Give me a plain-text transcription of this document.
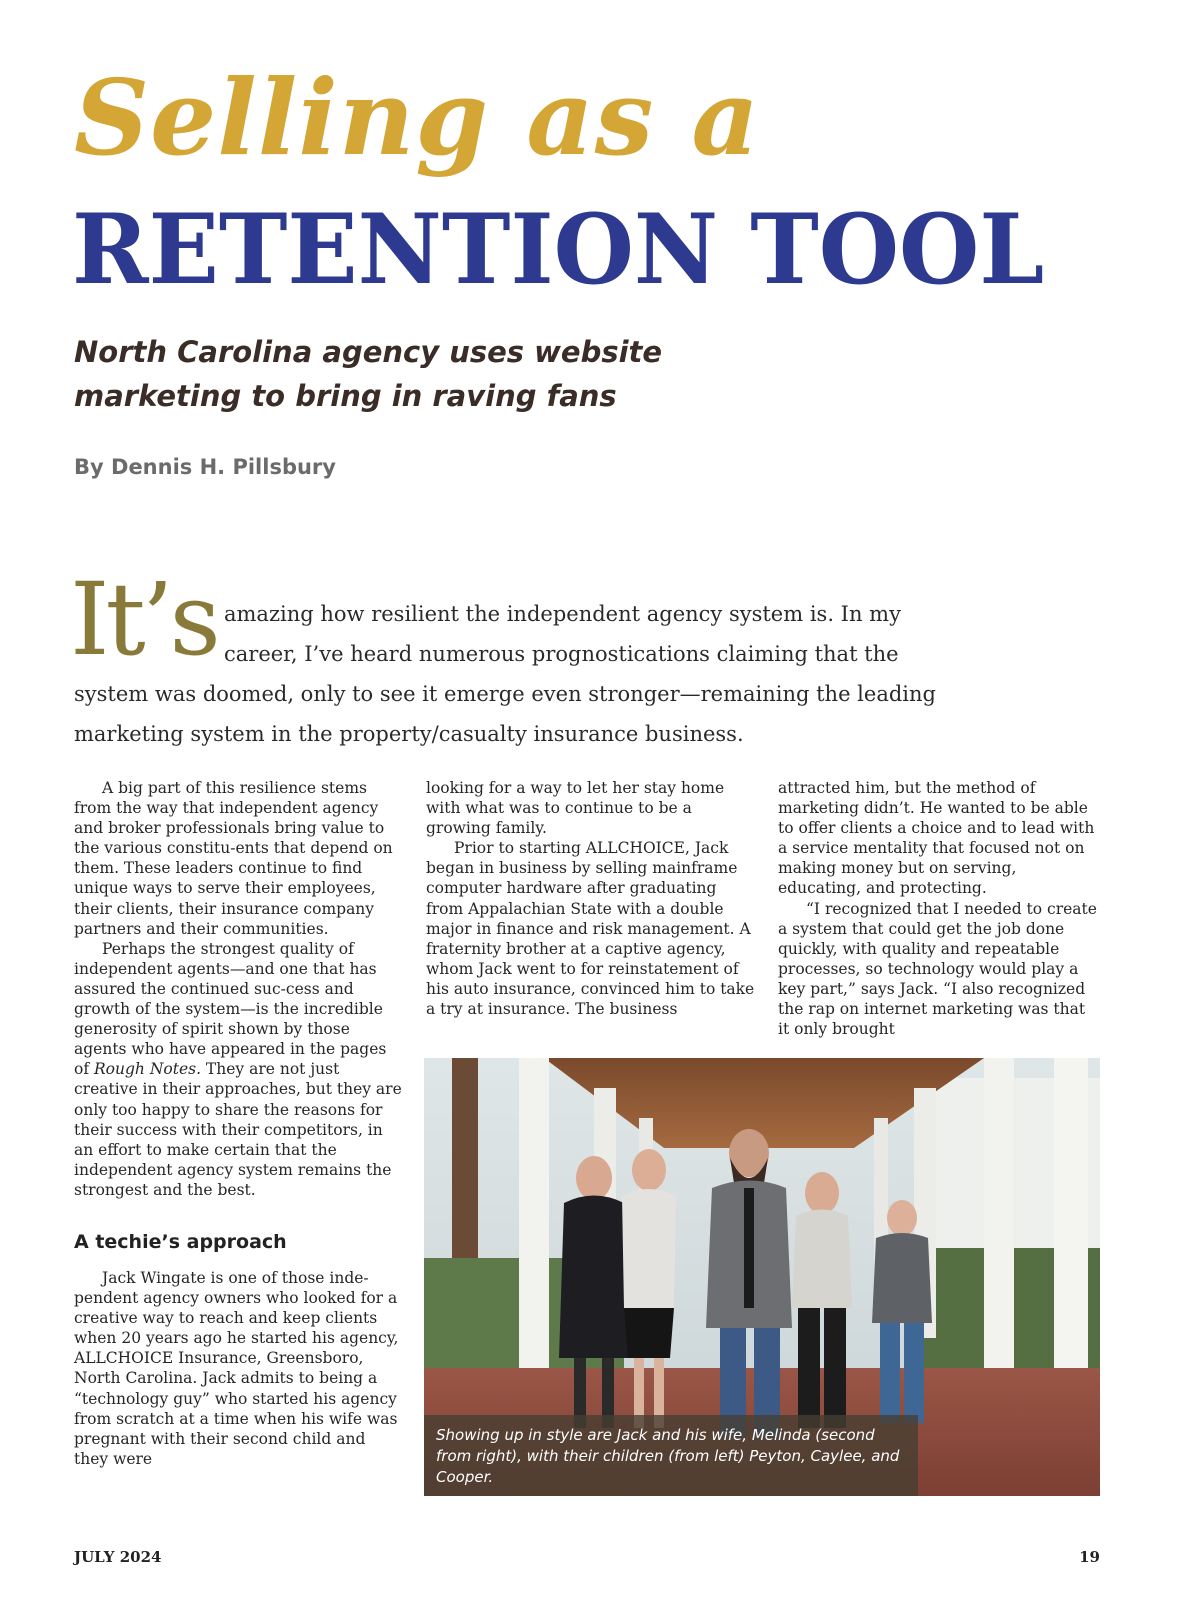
Selling as a
RETENTION TOOL
North Carolina agency uses website marketing to bring in raving fans
By Dennis H. Pillsbury
It’s amazing how resilient the independent agency system is. In my
career, I’ve heard numerous prognostications claiming that the
system was doomed, only to see it emerge even stronger—remaining the leading marketing system in the property/casualty insurance business.

A big part of this resilience stems from the way that independent agency and broker professionals bring value to the various constitu-ents that depend on them. These leaders continue to find unique ways to serve their employees, their clients, their insurance company partners and their communities.

Perhaps the strongest quality of independent agents—and one that has assured the continued suc-cess and growth of the system—is the incredible generosity of spirit shown by those agents who have appeared in the pages of Rough Notes. They are not just creative in their approaches, but they are only too happy to share the reasons for their success with their competitors, in an effort to make certain that the independent agency system remains the strongest and the best.

A techie’s approach

Jack Wingate is one of those inde-pendent agency owners who looked for a creative way to reach and keep clients when 20 years ago he started his agency, ALLCHOICE Insurance, Greensboro, North Carolina. Jack admits to being a “technology guy” who started his agency from scratch at a time when his wife was pregnant with their second child and they were

looking for a way to let her stay home with what was to continue to be a growing family.

Prior to starting ALLCHOICE, Jack began in business by selling mainframe computer hardware after graduating from Appalachian State with a double major in finance and risk management. A fraternity brother at a captive agency, whom Jack went to for reinstatement of his auto insurance, convinced him to take a try at insurance. The business

attracted him, but the method of marketing didn’t. He wanted to be able to offer clients a choice and to lead with a service mentality that focused not on making money but on serving, educating, and protecting.

“I recognized that I needed to create a system that could get the job done quickly, with quality and repeatable processes, so technology would play a key part,” says Jack. “I also recognized the rap on internet marketing was that it only brought

Showing up in style are Jack and his wife, Melinda (second from right), with their children (from left) Peyton, Caylee, and Cooper.
JULY 2024	19
